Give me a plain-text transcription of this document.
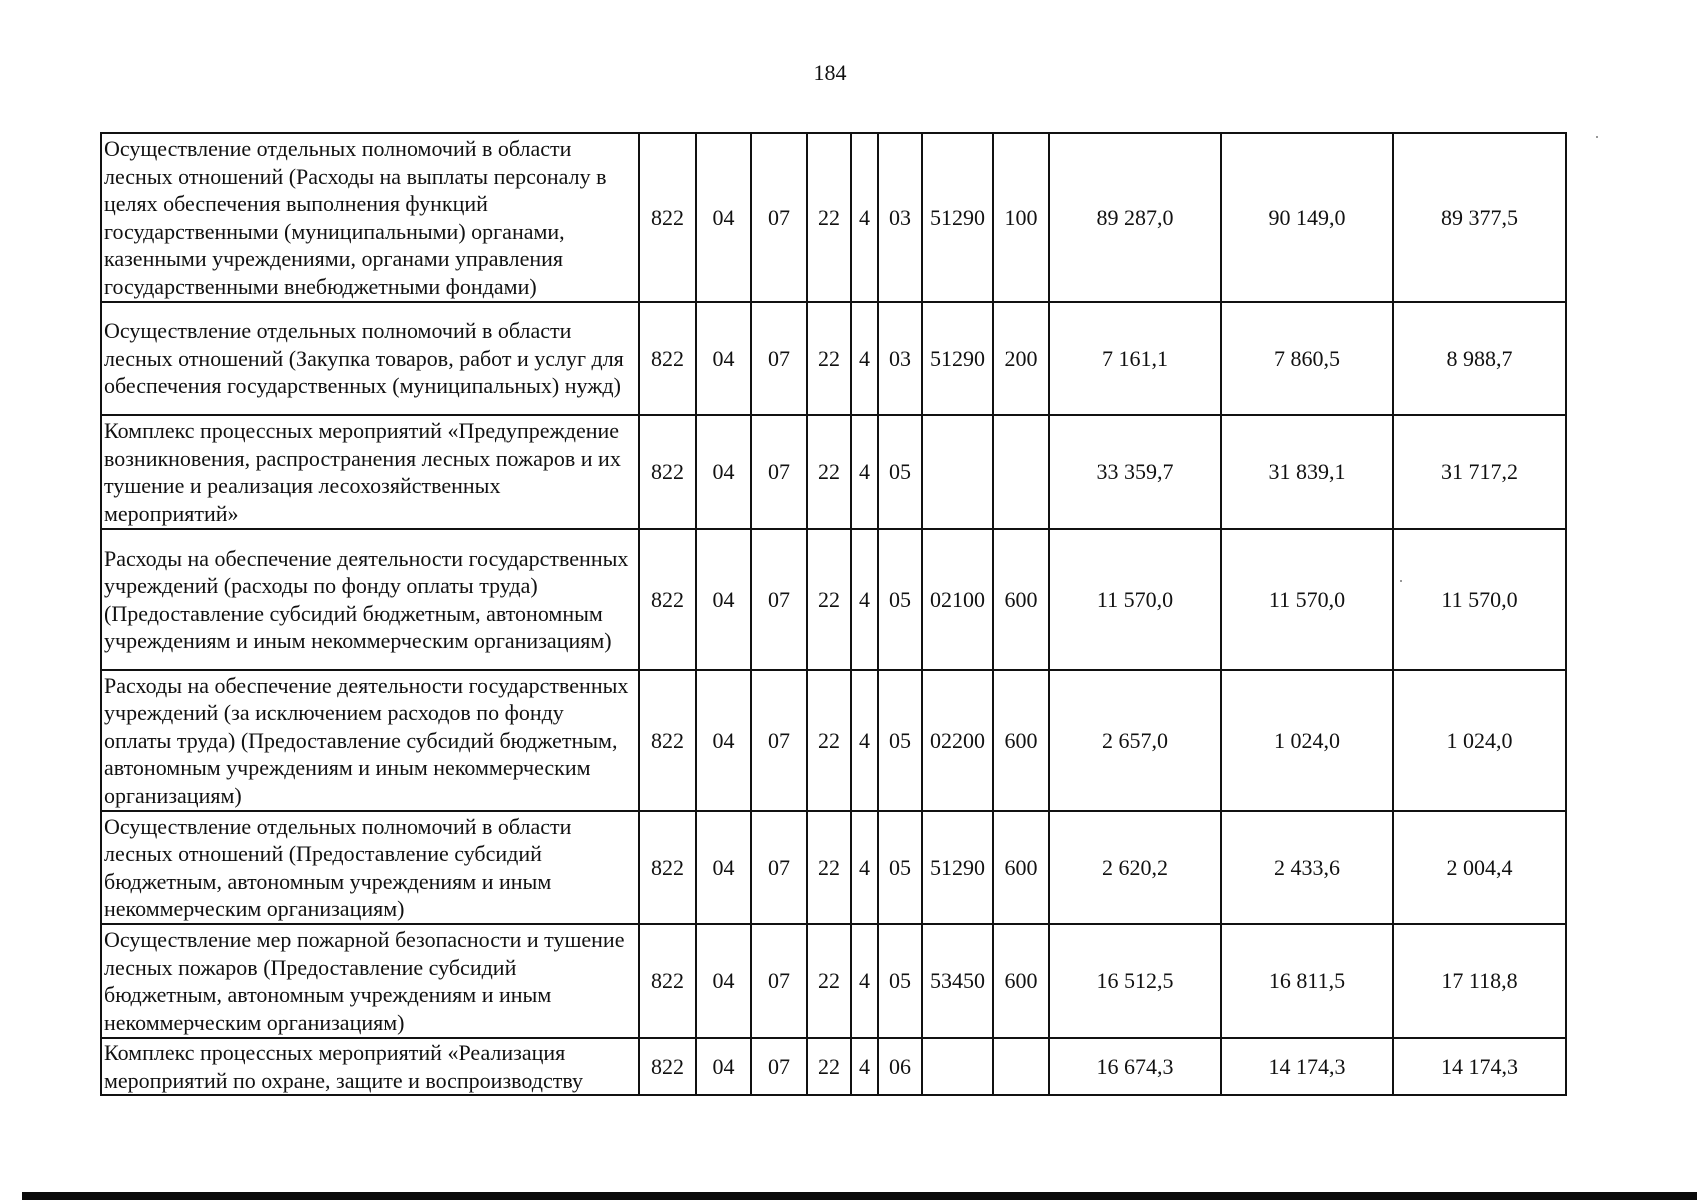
184
Осуществление отдельных полномочий в области лесных отношений (Расходы на выплаты персоналу в целях обеспечения выполнения функций государственными (муниципальными) органами, казенными учреждениями, органами управления государственными внебюджетными фондами)	822	04	07	22	4	03	51290	100	89 287,0	90 149,0	89 377,5
Осуществление отдельных полномочий в области лесных отношений (Закупка товаров, работ и услуг для обеспечения государственных (муниципальных) нужд)	822	04	07	22	4	03	51290	200	7 161,1	7 860,5	8 988,7
Комплекс процессных мероприятий «Предупреждение возникновения, распространения лесных пожаров и их тушение и реализация лесохозяйственных мероприятий»	822	04	07	22	4	05			33 359,7	31 839,1	31 717,2
Расходы на обеспечение деятельности государственных учреждений (расходы по фонду оплаты труда) (Предоставление субсидий бюджетным, автономным учреждениям и иным некоммерческим организациям)	822	04	07	22	4	05	02100	600	11 570,0	11 570,0	11 570,0
Расходы на обеспечение деятельности государственных учреждений (за исключением расходов по фонду оплаты труда) (Предоставление субсидий бюджетным, автономным учреждениям и иным некоммерческим организациям)	822	04	07	22	4	05	02200	600	2 657,0	1 024,0	1 024,0
Осуществление отдельных полномочий в области лесных отношений (Предоставление субсидий бюджетным, автономным учреждениям и иным некоммерческим организациям)	822	04	07	22	4	05	51290	600	2 620,2	2 433,6	2 004,4
Осуществление мер пожарной безопасности и тушение лесных пожаров (Предоставление субсидий бюджетным, автономным учреждениям и иным некоммерческим организациям)	822	04	07	22	4	05	53450	600	16 512,5	16 811,5	17 118,8
Комплекс процессных мероприятий «Реализация мероприятий по охране, защите и воспроизводству	822	04	07	22	4	06			16 674,3	14 174,3	14 174,3
